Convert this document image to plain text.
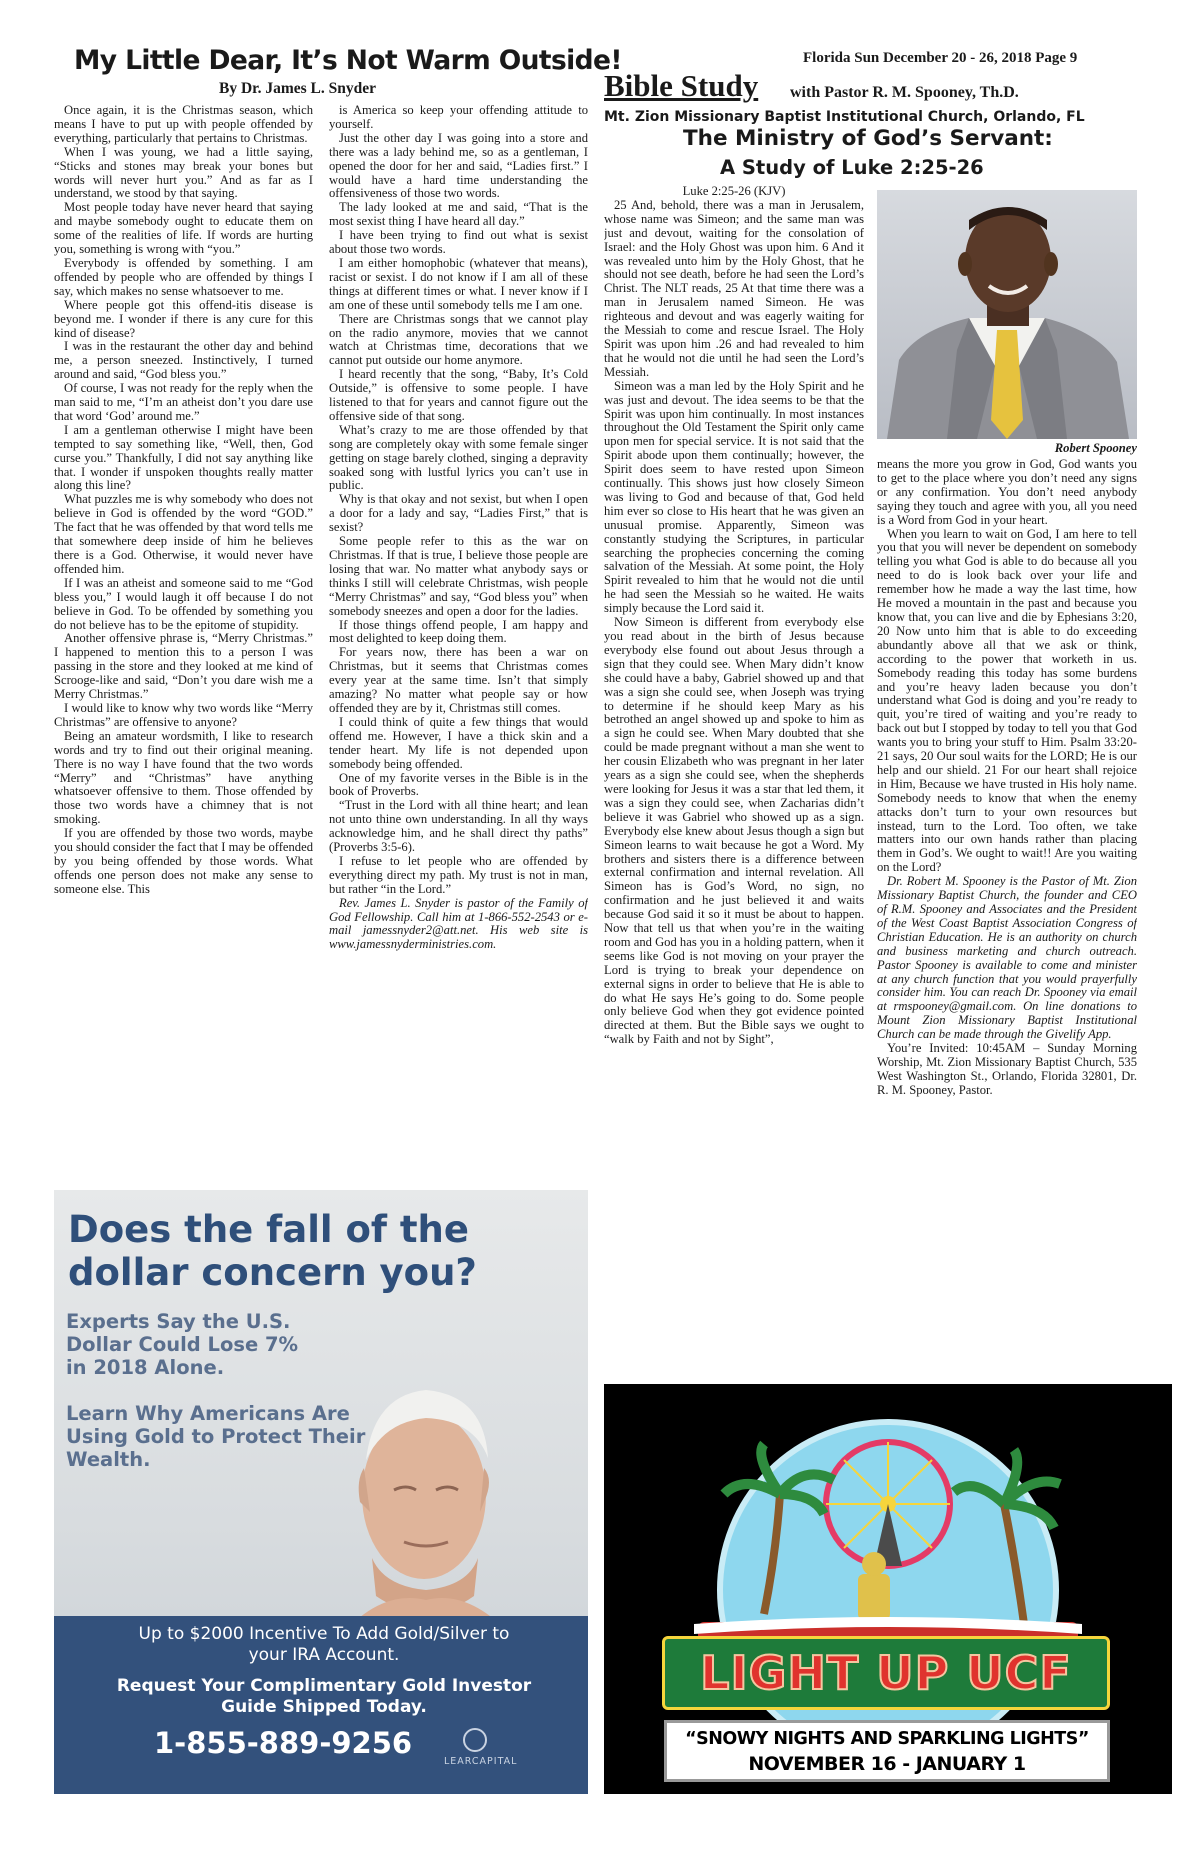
My Little Dear, It’s Not Warm Outside!
By Dr. James L. Snyder

Once again, it is the Christmas season, which means I have to put up with people offended by everything, particularly that pertains to Christmas.

When I was young, we had a little saying, “Sticks and stones may break your bones but words will never hurt you.” And as far as I understand, we stood by that saying.

Most people today have never heard that saying and maybe somebody ought to educate them on some of the realities of life. If words are hurting you, something is wrong with “you.”

Everybody is offended by something. I am offended by people who are offended by things I say, which makes no sense whatsoever to me.

Where people got this offend-itis disease is beyond me. I wonder if there is any cure for this kind of disease?

I was in the restaurant the other day and behind me, a person sneezed. Instinctively, I turned around and said, “God bless you.”

Of course, I was not ready for the reply when the man said to me, “I’m an atheist don’t you dare use that word ‘God’ around me.”

I am a gentleman otherwise I might have been tempted to say something like, “Well, then, God curse you.” Thankfully, I did not say anything like that. I wonder if unspoken thoughts really matter along this line?

What puzzles me is why somebody who does not believe in God is offended by the word “GOD.” The fact that he was offended by that word tells me that somewhere deep inside of him he believes there is a God. Otherwise, it would never have offended him.

If I was an atheist and someone said to me “God bless you,” I would laugh it off because I do not believe in God. To be offended by something you do not believe has to be the epitome of stupidity.

Another offensive phrase is, “Merry Christmas.” I happened to mention this to a person I was passing in the store and they looked at me kind of Scrooge-like and said, “Don’t you dare wish me a Merry Christmas.”

I would like to know why two words like “Merry Christmas” are offensive to anyone?

Being an amateur wordsmith, I like to research words and try to find out their original meaning. There is no way I have found that the two words “Merry” and “Christmas” have anything whatsoever offensive to them. Those offended by those two words have a chimney that is not smoking.

If you are offended by those two words, maybe you should consider the fact that I may be offended by you being offended by those words. What offends one person does not make any sense to someone else. This

is America so keep your offending attitude to yourself.

Just the other day I was going into a store and there was a lady behind me, so as a gentleman, I opened the door for her and said, “Ladies first.” I would have a hard time understanding the offensiveness of those two words.

The lady looked at me and said, “That is the most sexist thing I have heard all day.”

I have been trying to find out what is sexist about those two words.

I am either homophobic (whatever that means), racist or sexist. I do not know if I am all of these things at different times or what. I never know if I am one of these until somebody tells me I am one.

There are Christmas songs that we cannot play on the radio anymore, movies that we cannot watch at Christmas time, decorations that we cannot put outside our home anymore.

I heard recently that the song, “Baby, It’s Cold Outside,” is offensive to some people. I have listened to that for years and cannot figure out the offensive side of that song.

What’s crazy to me are those offended by that song are completely okay with some female singer getting on stage barely clothed, singing a depravity soaked song with lustful lyrics you can’t use in public.

Why is that okay and not sexist, but when I open a door for a lady and say, “Ladies First,” that is sexist?

Some people refer to this as the war on Christmas. If that is true, I believe those people are losing that war. No matter what anybody says or thinks I still will celebrate Christmas, wish people “Merry Christmas” and say, “God bless you” when somebody sneezes and open a door for the ladies.

If those things offend people, I am happy and most delighted to keep doing them.

For years now, there has been a war on Christmas, but it seems that Christmas comes every year at the same time. Isn’t that simply amazing? No matter what people say or how offended they are by it, Christmas still comes.

I could think of quite a few things that would offend me. However, I have a thick skin and a tender heart. My life is not depended upon somebody being offended.

One of my favorite verses in the Bible is in the book of Proverbs.

“Trust in the Lord with all thine heart; and lean not unto thine own understanding. In all thy ways acknowledge him, and he shall direct thy paths” (Proverbs 3:5-6).

I refuse to let people who are offended by everything direct my path. My trust is not in man, but rather “in the Lord.”

Rev. James L. Snyder is pastor of the Family of God Fellowship. Call him at 1-866-552-2543 or e-mail jamessnyder2@att.net. His web site is www.jamessnyderministries.com.

Florida Sun December 20 - 26, 2018 Page 9
Bible Study with Pastor R. M. Spooney, Th.D.
Mt. Zion Missionary Baptist Institutional Church, Orlando, FL
The Ministry of God’s Servant:
A Study of Luke 2:25-26

Luke 2:25-26 (KJV)

25 And, behold, there was a man in Jerusalem, whose name was Simeon; and the same man was just and devout, waiting for the consolation of Israel: and the Holy Ghost was upon him. 6 And it was revealed unto him by the Holy Ghost, that he should not see death, before he had seen the Lord’s Christ. The NLT reads, 25 At that time there was a man in Jerusalem named Simeon. He was righteous and devout and was eagerly waiting for the Messiah to come and rescue Israel. The Holy Spirit was upon him .26 and had revealed to him that he would not die until he had seen the Lord’s Messiah.

Simeon was a man led by the Holy Spirit and he was just and devout. The idea seems to be that the Spirit was upon him continually. In most instances throughout the Old Testament the Spirit only came upon men for special service. It is not said that the Spirit abode upon them continually; however, the Spirit does seem to have rested upon Simeon continually. This shows just how closely Simeon was living to God and because of that, God held him ever so close to His heart that he was given an unusual promise. Apparently, Simeon was constantly studying the Scriptures, in particular searching the prophecies concerning the coming salvation of the Messiah. At some point, the Holy Spirit revealed to him that he would not die until he had seen the Messiah so he waited. He waits simply because the Lord said it.

Now Simeon is different from everybody else you read about in the birth of Jesus because everybody else found out about Jesus through a sign that they could see. When Mary didn’t know she could have a baby, Gabriel showed up and that was a sign she could see, when Joseph was trying to determine if he should keep Mary as his betrothed an angel showed up and spoke to him as a sign he could see. When Mary doubted that she could be made pregnant without a man she went to her cousin Elizabeth who was pregnant in her later years as a sign she could see, when the shepherds were looking for Jesus it was a star that led them, it was a sign they could see, when Zacharias didn’t believe it was Gabriel who showed up as a sign. Everybody else knew about Jesus though a sign but Simeon learns to wait because he got a Word. My brothers and sisters there is a difference between external confirmation and internal revelation. All Simeon has is God’s Word, no sign, no confirmation and he just believed it and waits because God said it so it must be about to happen. Now that tell us that when you’re in the waiting room and God has you in a holding pattern, when it seems like God is not moving on your prayer the Lord is trying to break your dependence on external signs in order to believe that He is able to do what He says He’s going to do. Some people only believe God when they got evidence pointed directed at them. But the Bible says we ought to “walk by Faith and not by Sight”,

Robert Spooney

means the more you grow in God, God wants you to get to the place where you don’t need any signs or any confirmation. You don’t need anybody saying they touch and agree with you, all you need is a Word from God in your heart.

When you learn to wait on God, I am here to tell you that you will never be dependent on somebody telling you what God is able to do because all you need to do is look back over your life and remember how he made a way the last time, how He moved a mountain in the past and because you know that, you can live and die by Ephesians 3:20, 20 Now unto him that is able to do exceeding abundantly above all that we ask or think, according to the power that worketh in us. Somebody reading this today has some burdens and you’re heavy laden because you don’t understand what God is doing and you’re ready to quit, you’re tired of waiting and you’re ready to back out but I stopped by today to tell you that God wants you to bring your stuff to Him. Psalm 33:20-21 says, 20 Our soul waits for the LORD; He is our help and our shield. 21 For our heart shall rejoice in Him, Because we have trusted in His holy name. Somebody needs to know that when the enemy attacks don’t turn to your own resources but instead, turn to the Lord. Too often, we take matters into our own hands rather than placing them in God’s. We ought to wait!! Are you waiting on the Lord?

Dr. Robert M. Spooney is the Pastor of Mt. Zion Missionary Baptist Church, the founder and CEO of R.M. Spooney and Associates and the President of the West Coast Baptist Association Congress of Christian Education. He is an authority on church and business marketing and church outreach. Pastor Spooney is available to come and minister at any church function that you would prayerfully consider him. You can reach Dr. Spooney via email at rmspooney@gmail.com. On line donations to Mount Zion Missionary Baptist Institutional Church can be made through the Givelify App.

You’re Invited: 10:45AM – Sunday Morning Worship, Mt. Zion Missionary Baptist Church, 535 West Washington St., Orlando, Florida 32801, Dr. R. M. Spooney, Pastor.

Does the fall of the dollar concern you?
Experts Say the U.S. Dollar Could Lose 7% in 2018 Alone.
Learn Why Americans Are Using Gold to Protect Their Wealth.
Up to $2000 Incentive To Add Gold/Silver to your IRA Account.
Request Your Complimentary Gold Investor Guide Shipped Today.
1-855-889-9256
LEARCAPITAL
LIGHT UP UCF
“SNOWY NIGHTS AND SPARKLING LIGHTS”
NOVEMBER 16 - JANUARY 1
